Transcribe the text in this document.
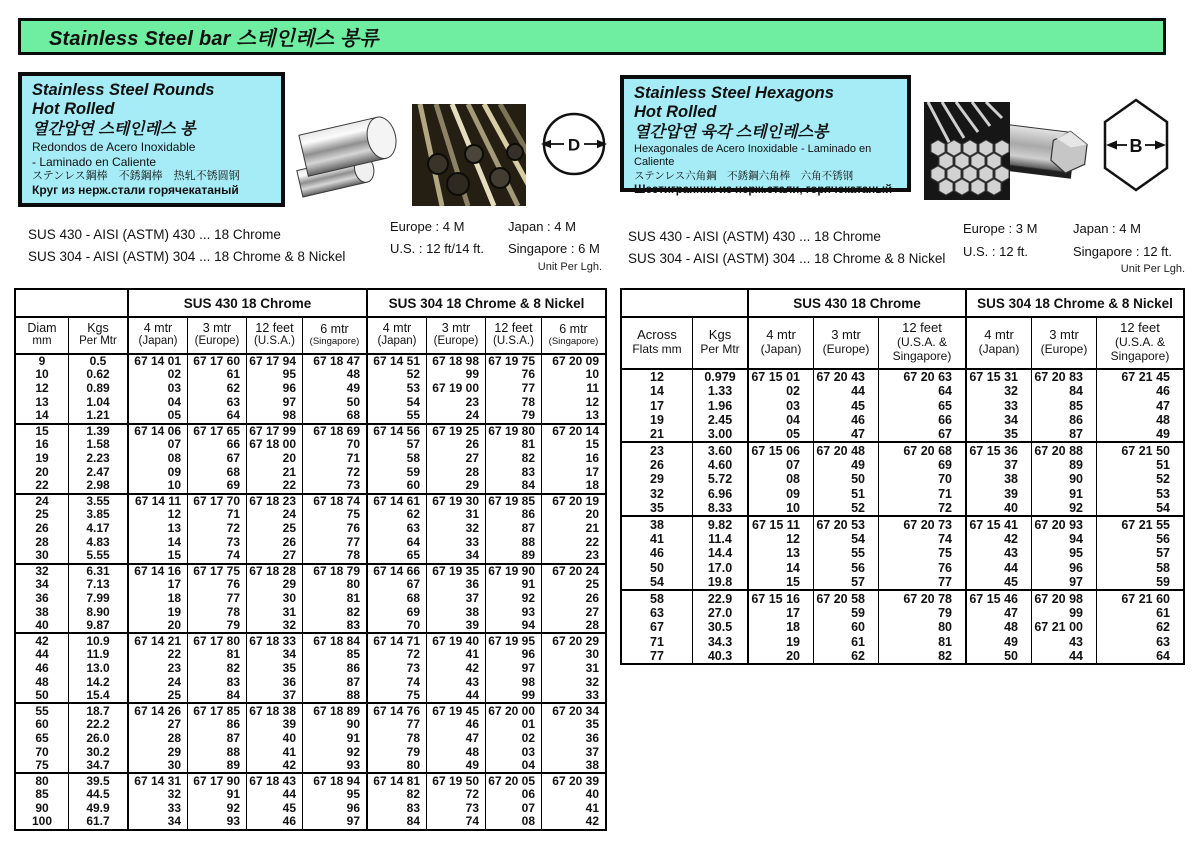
Stainless Steel bar 스테인레스 봉류
Stainless Steel Rounds
Hot Rolled
열간압연 스테인레스 봉
Redondos de Acero Inoxidable
- Laminado en Caliente
ステンレス鋼棒　不銹鋼棒　热轧不锈圆钢
Круг из нерж.стали горячекатаный
D
Stainless Steel Hexagons
Hot Rolled
열간압연 육각 스테인레스봉
Hexagonales de Acero Inoxidable - Laminado en Caliente
ステンレス六角鋼　不銹鋼六角棒　六角不锈钢
Шестигранник из нерж.стали, горячекатаный
B
SUS 430 - AISI (ASTM) 430 ... 18 Chrome
SUS 304 - AISI (ASTM) 304 ... 18 Chrome & 8 Nickel
Europe : 4 M	Japan : 4 M
U.S. : 12 ft/14 ft. Singapore : 6 M
Unit Per Lgh.
SUS 430 - AISI (ASTM) 430 ... 18 Chrome
SUS 304 - AISI (ASTM) 304 ... 18 Chrome & 8 Nickel
Europe : 3 M	Japan : 4 M
U.S. : 12 ft.	Singapore : 12 ft.
Unit Per Lgh.
		SUS 430 18 Chrome				SUS 304 18 Chrome & 8 Nickel			

Diam
mm

Kgs
Per Mtr

4 mtr
(Japan)

3 mtr
(Europe)

12 feet
(U.S.A.)

6 mtr
(Singapore)

4 mtr
(Japan)

3 mtr
(Europe)

12 feet
(U.S.A.)

6 mtr
(Singapore)

9	0.5	67 14 01	67 17 60	67 17 94	67 18 47	67 14 51	67 18 98	67 19 75	67 20 09
10	0.62	02	61	95	48	52	99	76	10
12	0.89	03	62	96	49	53	67 19 00	77	11
13	1.04	04	63	97	50	54	23	78	12
14	1.21	05	64	98	68	55	24	79	13
15	1.39	67 14 06	67 17 65	67 17 99	67 18 69	67 14 56	67 19 25	67 19 80	67 20 14
16	1.58	07	66	67 18 00	70	57	26	81	15
19	2.23	08	67	20	71	58	27	82	16
20	2.47	09	68	21	72	59	28	83	17
22	2.98	10	69	22	73	60	29	84	18
24	3.55	67 14 11	67 17 70	67 18 23	67 18 74	67 14 61	67 19 30	67 19 85	67 20 19
25	3.85	12	71	24	75	62	31	86	20
26	4.17	13	72	25	76	63	32	87	21
28	4.83	14	73	26	77	64	33	88	22
30	5.55	15	74	27	78	65	34	89	23
32	6.31	67 14 16	67 17 75	67 18 28	67 18 79	67 14 66	67 19 35	67 19 90	67 20 24
34	7.13	17	76	29	80	67	36	91	25
36	7.99	18	77	30	81	68	37	92	26
38	8.90	19	78	31	82	69	38	93	27
40	9.87	20	79	32	83	70	39	94	28
42	10.9	67 14 21	67 17 80	67 18 33	67 18 84	67 14 71	67 19 40	67 19 95	67 20 29
44	11.9	22	81	34	85	72	41	96	30
46	13.0	23	82	35	86	73	42	97	31
48	14.2	24	83	36	87	74	43	98	32
50	15.4	25	84	37	88	75	44	99	33
55	18.7	67 14 26	67 17 85	67 18 38	67 18 89	67 14 76	67 19 45	67 20 00	67 20 34
60	22.2	27	86	39	90	77	46	01	35
65	26.0	28	87	40	91	78	47	02	36
70	30.2	29	88	41	92	79	48	03	37
75	34.7	30	89	42	93	80	49	04	38
80	39.5	67 14 31	67 17 90	67 18 43	67 18 94	67 14 81	67 19 50	67 20 05	67 20 39
85	44.5	32	91	44	95	82	72	06	40
90	49.9	33	92	45	96	83	73	07	41
100	61.7	34	93	46	97	84	74	08	42
		SUS 430 18 Chrome			SUS 304 18 Chrome & 8 Nickel		

Across
Flats mm

Kgs
Per Mtr

4 mtr
(Japan)

3 mtr
(Europe)

12 feet
(U.S.A. &
Singapore)

4 mtr
(Japan)

3 mtr
(Europe)

12 feet
(U.S.A. &
Singapore)

12	0.979	67 15 01	67 20 43	67 20 63	67 15 31	67 20 83	67 21 45
14	1.33	02	44	64	32	84	46
17	1.96	03	45	65	33	85	47
19	2.45	04	46	66	34	86	48
21	3.00	05	47	67	35	87	49
23	3.60	67 15 06	67 20 48	67 20 68	67 15 36	67 20 88	67 21 50
26	4.60	07	49	69	37	89	51
29	5.72	08	50	70	38	90	52
32	6.96	09	51	71	39	91	53
35	8.33	10	52	72	40	92	54
38	9.82	67 15 11	67 20 53	67 20 73	67 15 41	67 20 93	67 21 55
41	11.4	12	54	74	42	94	56
46	14.4	13	55	75	43	95	57
50	17.0	14	56	76	44	96	58
54	19.8	15	57	77	45	97	59
58	22.9	67 15 16	67 20 58	67 20 78	67 15 46	67 20 98	67 21 60
63	27.0	17	59	79	47	99	61
67	30.5	18	60	80	48	67 21 00	62
71	34.3	19	61	81	49	43	63
77	40.3	20	62	82	50	44	64
